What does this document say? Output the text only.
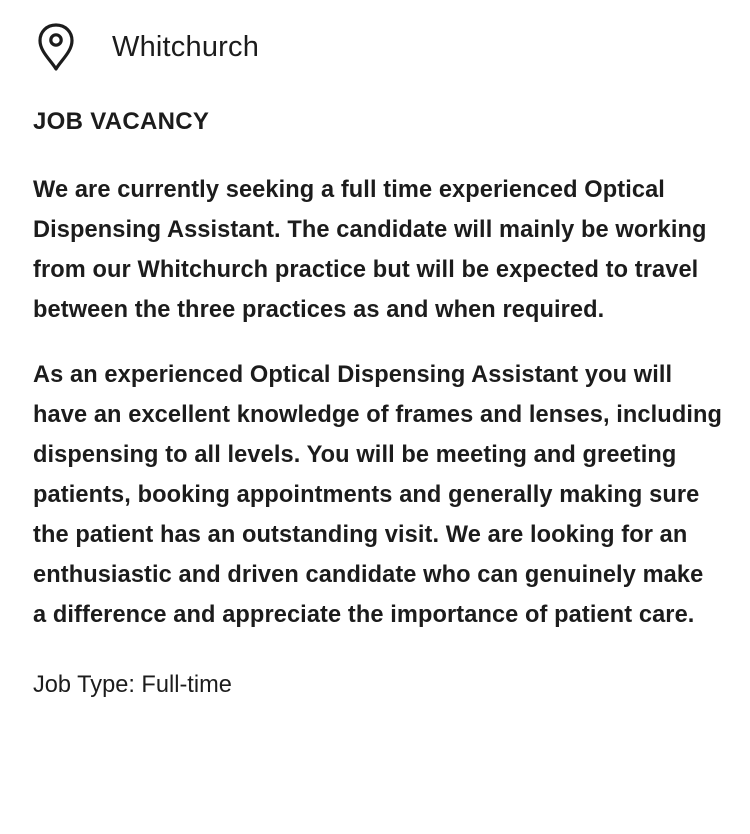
Whitchurch
JOB VACANCY

We are currently seeking a full time experienced Optical Dispensing Assistant. The candidate will mainly be working from our Whitchurch practice but will be expected to travel between the three practices as and when required.

As an experienced Optical Dispensing Assistant you will have an excellent knowledge of frames and lenses, including dispensing to all levels. You will be meeting and greeting patients, booking appointments and generally making sure the patient has an outstanding visit. We are looking for an enthusiastic and driven candidate who can genuinely make a difference and appreciate the importance of patient care.

Job Type: Full-time
